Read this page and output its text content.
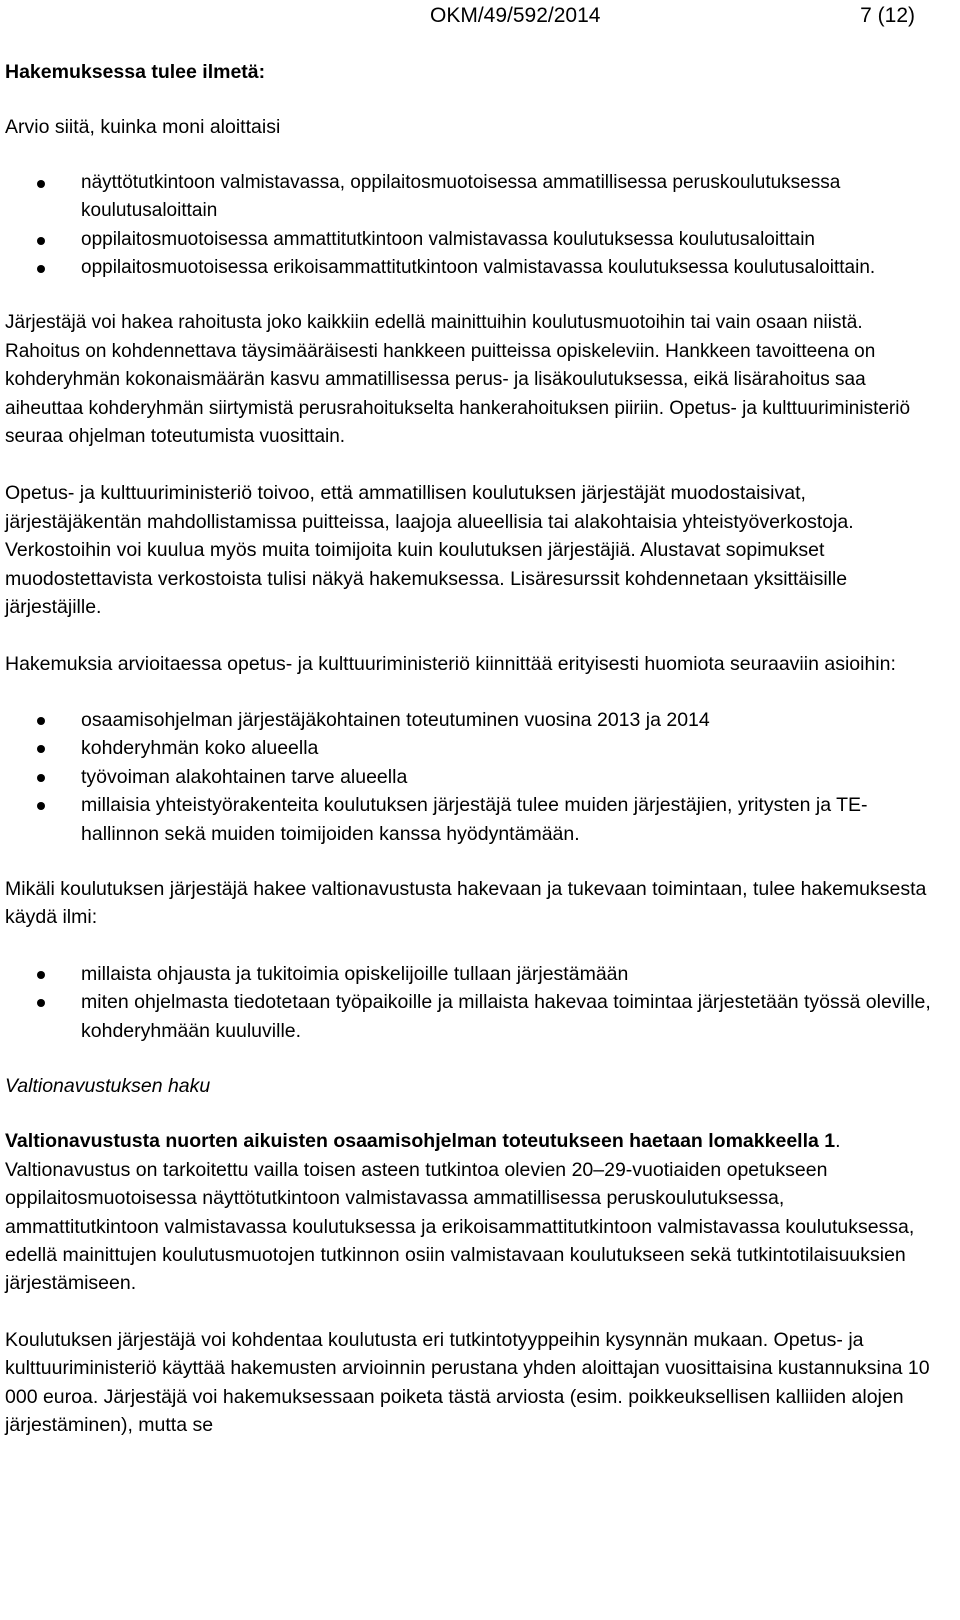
OKM/49/592/2014	7 (12)
Hakemuksessa tulee ilmetä:
Arvio siitä, kuinka moni aloittaisi
näyttötutkintoon valmistavassa, oppilaitosmuotoisessa ammatillisessa peruskoulutuksessa koulutusaloittain
oppilaitosmuotoisessa ammattitutkintoon valmistavassa koulutuksessa koulutusaloittain
oppilaitosmuotoisessa erikoisammattitutkintoon valmistavassa koulutuksessa koulutusaloittain.

Järjestäjä voi hakea rahoitusta joko kaikkiin edellä mainittuihin koulutusmuotoihin tai vain osaan niistä. Rahoitus on kohdennettava täysimääräisesti hankkeen puitteissa opiskeleviin. Hankkeen tavoitteena on kohderyhmän kokonaismäärän kasvu ammatillisessa perus- ja lisäkoulutuksessa, eikä lisärahoitus saa aiheuttaa kohderyhmän siirtymistä perusrahoitukselta hankerahoituksen piiriin. Opetus- ja kulttuuriministeriö seuraa ohjelman toteutumista vuosittain.

Opetus- ja kulttuuriministeriö toivoo, että ammatillisen koulutuksen järjestäjät muodostaisivat, järjestäjäkentän mahdollistamissa puitteissa, laajoja alueellisia tai alakohtaisia yhteistyöverkostoja. Verkostoihin voi kuulua myös muita toimijoita kuin koulutuksen järjestäjiä. Alustavat sopimukset muodostettavista verkostoista tulisi näkyä hakemuksessa. Lisäresurssit kohdennetaan yksittäisille järjestäjille.

Hakemuksia arvioitaessa opetus- ja kulttuuriministeriö kiinnittää erityisesti huomiota seuraaviin asioihin:

osaamisohjelman järjestäjäkohtainen toteutuminen vuosina 2013 ja 2014
kohderyhmän koko alueella
työvoiman alakohtainen tarve alueella
millaisia yhteistyörakenteita koulutuksen järjestäjä tulee muiden järjestäjien, yritysten ja TE-hallinnon sekä muiden toimijoiden kanssa hyödyntämään.

Mikäli koulutuksen järjestäjä hakee valtionavustusta hakevaan ja tukevaan toimintaan, tulee hakemuksesta käydä ilmi:

millaista ohjausta ja tukitoimia opiskelijoille tullaan järjestämään
miten ohjelmasta tiedotetaan työpaikoille ja millaista hakevaa toimintaa järjestetään työssä oleville, kohderyhmään kuuluville.
Valtionavustuksen haku

Valtionavustusta nuorten aikuisten osaamisohjelman toteutukseen haetaan lomakkeella 1. Valtionavustus on tarkoitettu vailla toisen asteen tutkintoa olevien 20–29-vuotiaiden opetukseen oppilaitosmuotoisessa näyttötutkintoon valmistavassa ammatillisessa peruskoulutuksessa, ammattitutkintoon valmistavassa koulutuksessa ja erikoisammattitutkintoon valmistavassa koulutuksessa, edellä mainittujen koulutusmuotojen tutkinnon osiin valmistavaan koulutukseen sekä tutkintotilaisuuksien järjestämiseen.

Koulutuksen järjestäjä voi kohdentaa koulutusta eri tutkintotyyppeihin kysynnän mukaan. Opetus- ja kulttuuriministeriö käyttää hakemusten arvioinnin perustana yhden aloittajan vuosittaisina kustannuksina 10 000 euroa. Järjestäjä voi hakemuksessaan poiketa tästä arviosta (esim. poikkeuksellisen kalliiden alojen järjestäminen), mutta se
